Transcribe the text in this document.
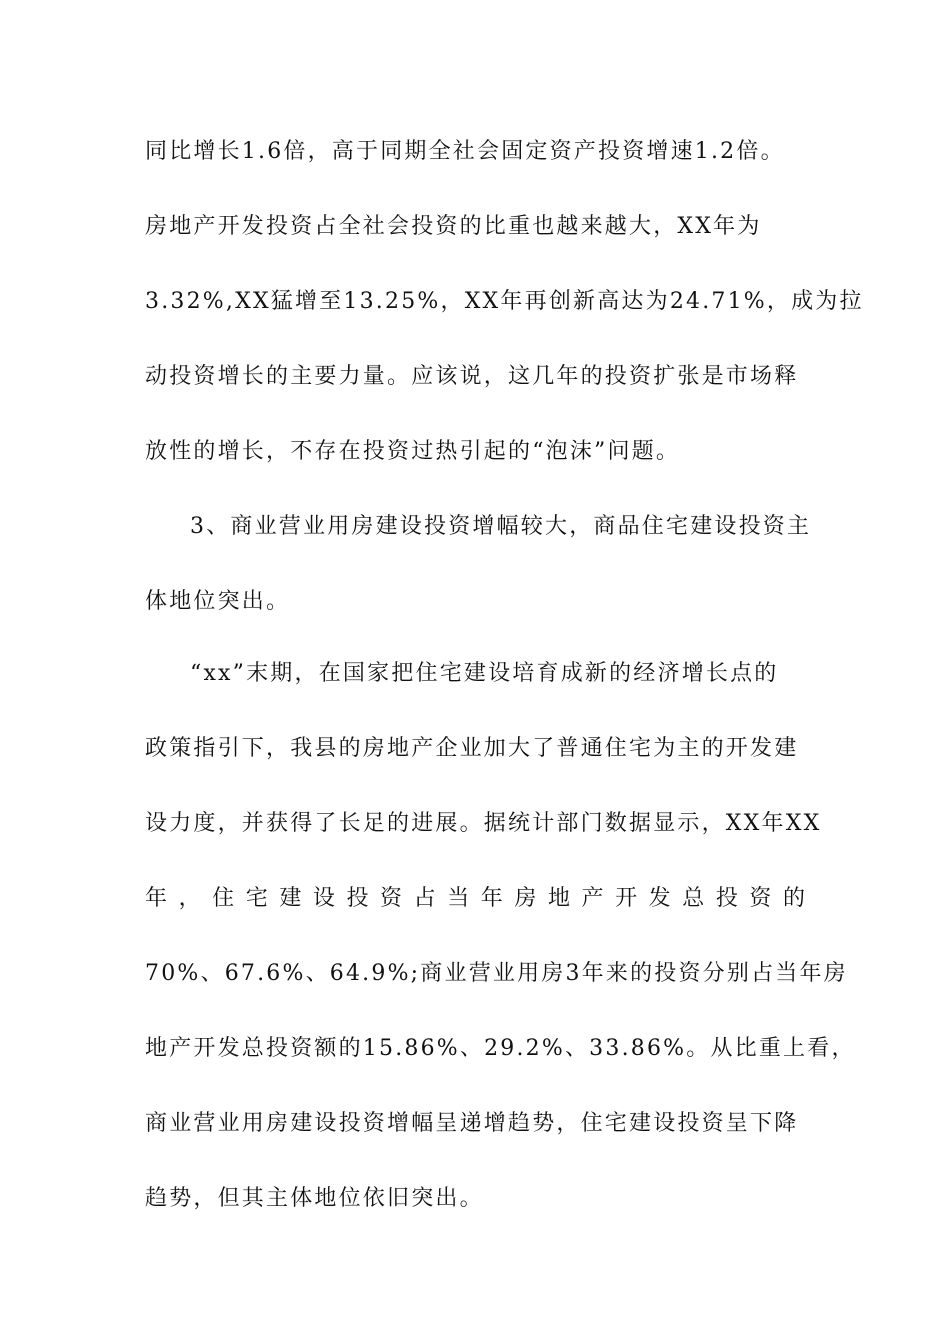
同比增长1.6倍，高于同期全社会固定资产投资增速1.2倍。
房地产开发投资占全社会投资的比重也越来越大，XX年为
3.32%,XX猛增至13.25%，XX年再创新高达为24.71%，成为拉
动投资增长的主要力量。应该说，这几年的投资扩张是市场释
放性的增长，不存在投资过热引起的“泡沫”问题。
3、商业营业用房建设投资增幅较大，商品住宅建设投资主
体地位突出。
“xx”末期，在国家把住宅建设培育成新的经济增长点的
政策指引下，我县的房地产企业加大了普通住宅为主的开发建
设力度，并获得了长足的进展。据统计部门数据显示，XX年XX
年 ， 住 宅 建 设 投 资 占 当 年 房 地 产 开 发 总 投 资 的
70%、67.6%、64.9%;商业营业用房3年来的投资分别占当年房
地产开发总投资额的15.86%、29.2%、33.86%。从比重上看，
商业营业用房建设投资增幅呈递增趋势，住宅建设投资呈下降
趋势，但其主体地位依旧突出。
